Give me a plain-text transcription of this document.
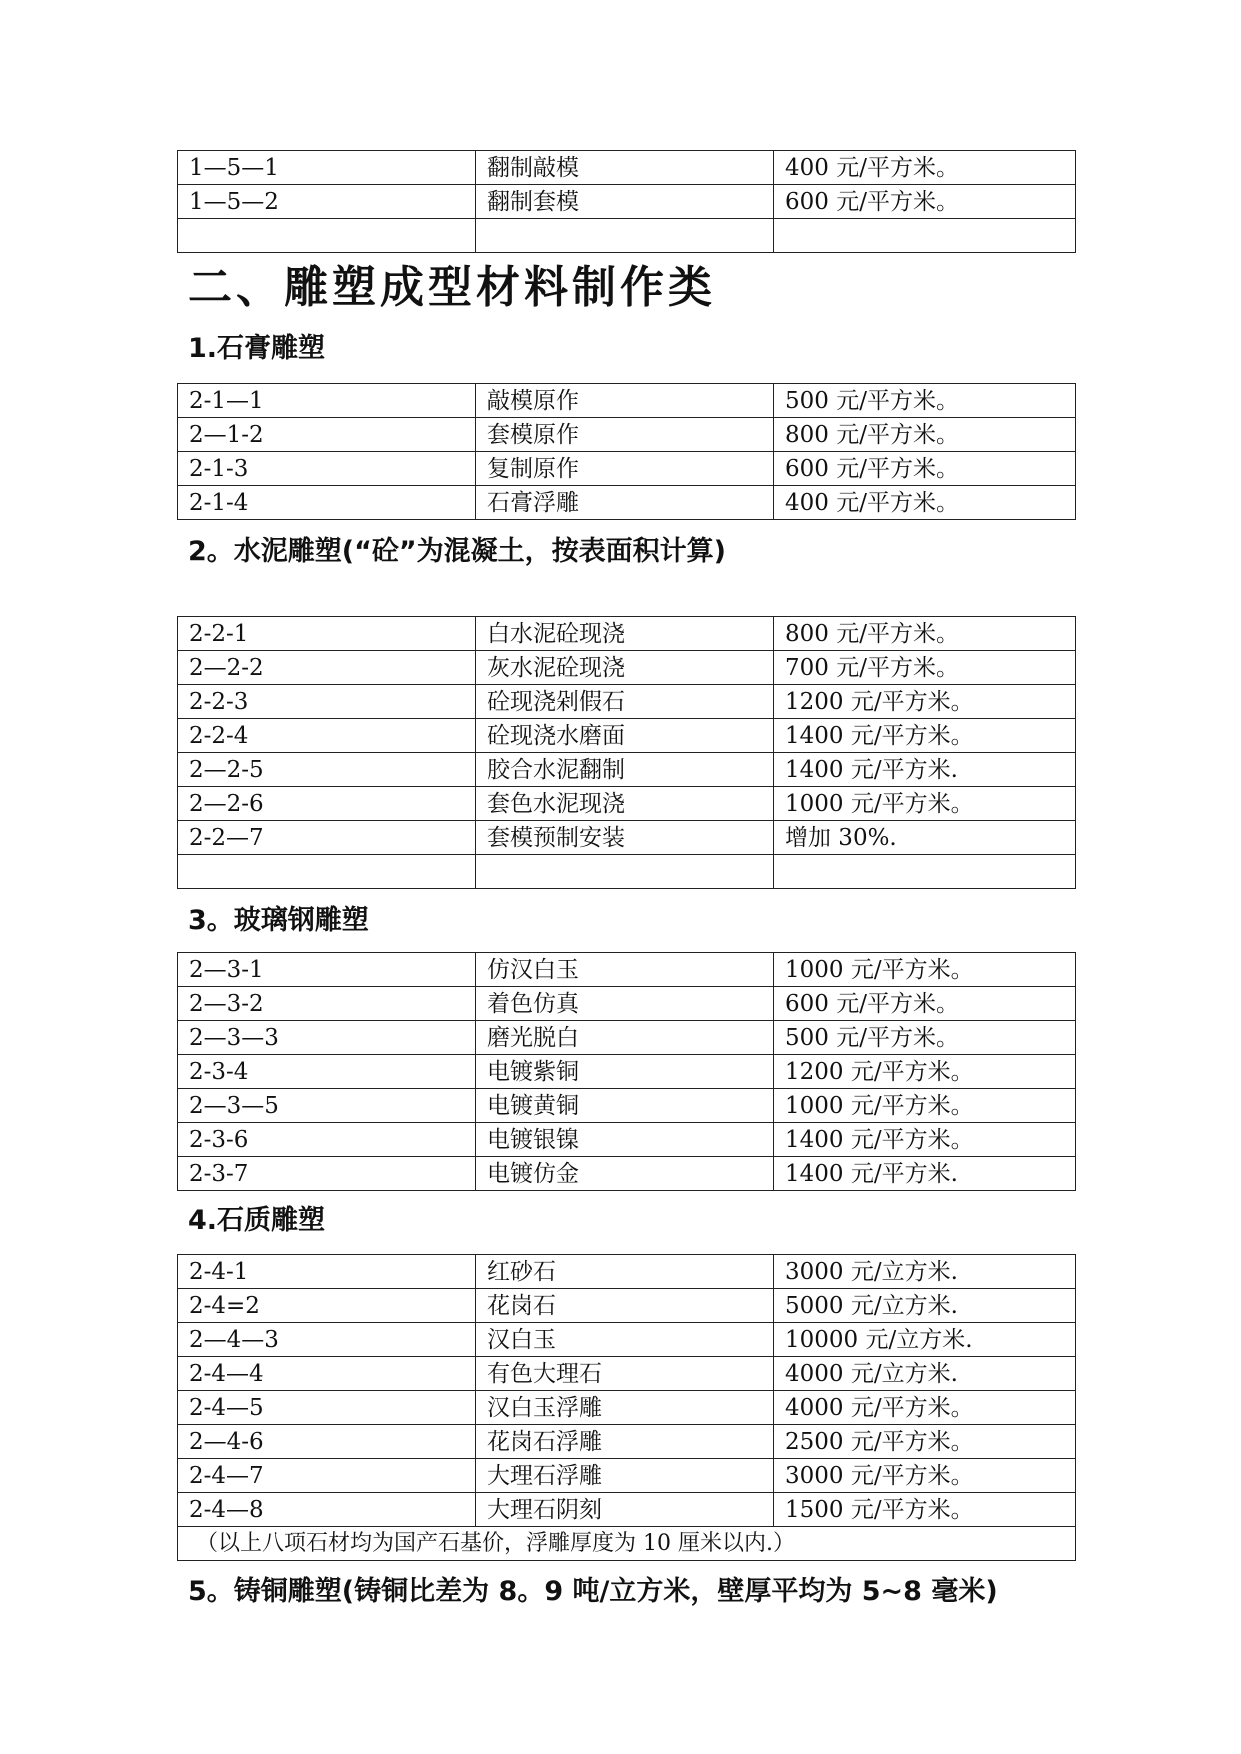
1—5—1	翻制敲模	400 元/平方米。
1—5—2	翻制套模	600 元/平方米。

二、雕塑成型材料制作类
1.石膏雕塑
2-1—1	敲模原作	500 元/平方米。
2—1-2	套模原作	800 元/平方米。
2-1-3	复制原作	600 元/平方米。
2-1-4	石膏浮雕	400 元/平方米。
2。水泥雕塑(“砼”为混凝土，按表面积计算)
2-2-1	白水泥砼现浇	800 元/平方米。
2—2-2	灰水泥砼现浇	700 元/平方米。
2-2-3	砼现浇剁假石	1200 元/平方米。
2-2-4	砼现浇水磨面	1400 元/平方米。
2—2-5	胶合水泥翻制	1400 元/平方米.
2—2-6	套色水泥现浇	1000 元/平方米。
2-2—7	套模预制安装	增加 30%.

3。玻璃钢雕塑
2—3-1	仿汉白玉	1000 元/平方米。
2—3-2	着色仿真	600 元/平方米。
2—3—3	磨光脱白	500 元/平方米。
2-3-4	电镀紫铜	1200 元/平方米。
2—3—5	电镀黄铜	1000 元/平方米。
2-3-6	电镀银镍	1400 元/平方米。
2-3-7	电镀仿金	1400 元/平方米.
4.石质雕塑
2-4-1	红砂石	3000 元/立方米.
2-4=2	花岗石	5000 元/立方米.
2—4—3	汉白玉	10000 元/立方米.
2-4—4	有色大理石	4000 元/立方米.
2-4—5	汉白玉浮雕	4000 元/平方米。
2—4-6	花岗石浮雕	2500 元/平方米。
2-4—7	大理石浮雕	3000 元/平方米。
2-4—8	大理石阴刻	1500 元/平方米。
（以上八项石材均为国产石基价，浮雕厚度为 10 厘米以内.）		
5。铸铜雕塑(铸铜比差为 8。9 吨/立方米，壁厚平均为 5~8 毫米)
